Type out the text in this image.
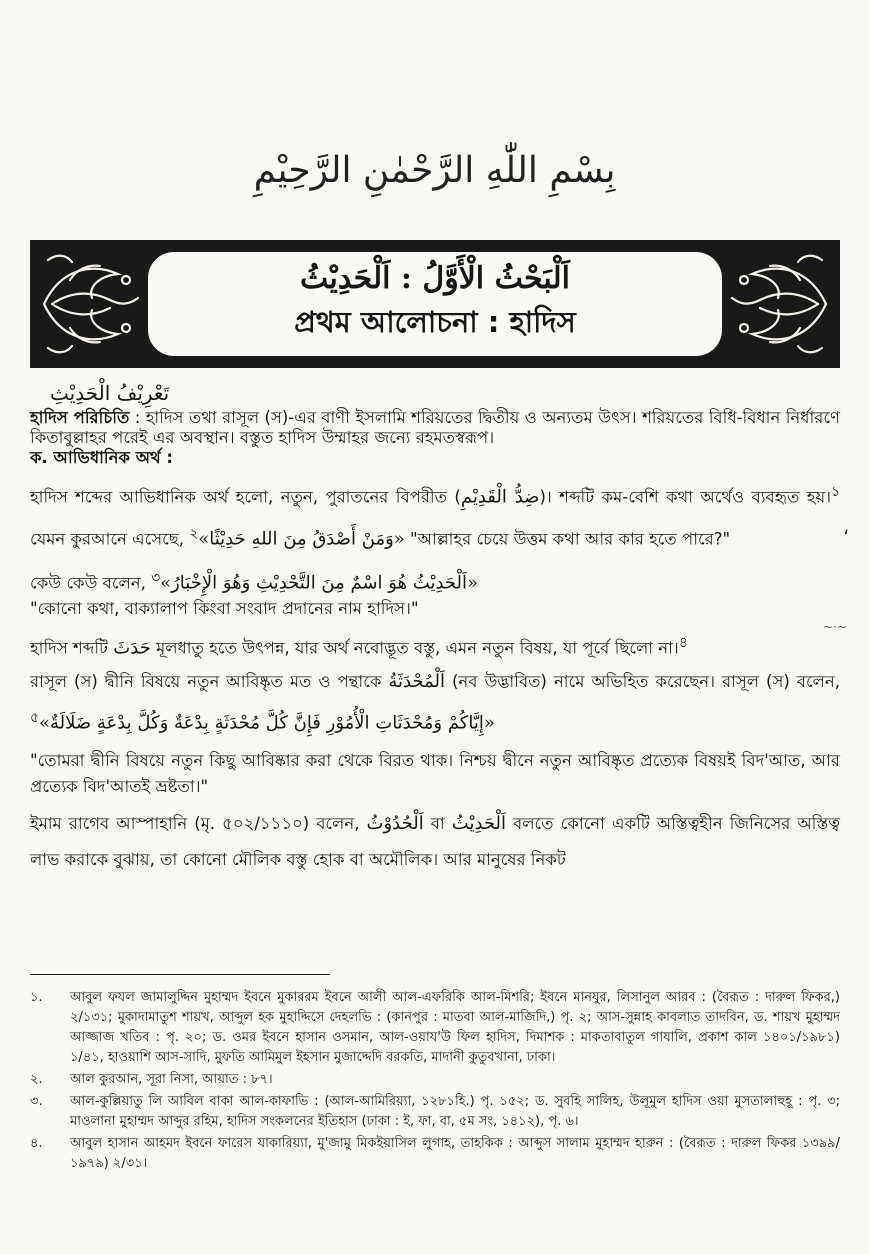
بِسْمِ اللّٰهِ الرَّحْمٰنِ الرَّحِيْمِ
اَلْبَحْثُ الْأَوَّلُ : اَلْحَدِيْثُ
প্রথম আলোচনা : হাদিস
تَعْرِيْفُ الْحَدِيْثِ

হাদিস পরিচিতি : হাদিস তথা রাসূল (স)-এর বাণী ইসলামি শরিয়তের দ্বিতীয় ও অন্যতম উৎস। শরিয়তের বিধি-বিধান নির্ধারণে কিতাবুল্লাহর পরেই এর অবস্থান। বস্তুত হাদিস উম্মাহর জন্যে রহমতস্বরূপ।

ক. আভিধানিক অর্থ :

হাদিস শব্দের আভিধানিক অর্থ হলো, নতুন, পুরাতনের বিপরীত (ضِدُّ الْقَدِيْمِ)। শব্দটি কম-বেশি কথা অর্থেও ব্যবহৃত হয়।$^১$ যেমন কুরআনে এসেছে, $^২$«وَمَنْ أَصْدَقُ مِنَ اللهِ حَدِيْثًا» "আল্লাহর চেয়ে উত্তম কথা আর কার হতে পারে?"

কেউ কেউ বলেন, $^৩$«اَلْحَدِيْثُ هُوَ اسْمٌ مِنَ التَّحْدِيْثِ وَهُوَ الْإِخْبَارُ»

"কোনো কথা, বাক্যালাপ কিংবা সংবাদ প্রদানের নাম হাদিস।"

হাদিস শব্দটি حَدَثَ মূলধাতু হতে উৎপন্ন, যার অর্থ নবোদ্ভূত বস্তু, এমন নতুন বিষয়, যা পূর্বে ছিলো না।$^৪$

রাসূল (স) দ্বীনি বিষয়ে নতুন আবিষ্কৃত মত ও পন্থাকে اَلْمُحْدَثَةُ (নব উদ্ভাবিত) নামে অভিহিত করেছেন। রাসূল (স) বলেন, $^৫$«إِيَّاكُمْ وَمُحْدَثَاتِ الْأُمُوْرِ فَإِنَّ كُلَّ مُحْدَثَةٍ بِدْعَةٌ وَكُلَّ بِدْعَةٍ ضَلَالَةٌ»

"তোমরা দ্বীনি বিষয়ে নতুন কিছু আবিষ্কার করা থেকে বিরত থাক। নিশ্চয় দ্বীনে নতুন আবিষ্কৃত প্রত্যেক বিষয়ই বিদ'আত, আর প্রত্যেক বিদ'আতই ভ্রষ্টতা।"

ইমাম রাগেব আস্পাহানি (মৃ. ৫০২/১১১০) বলেন, اَلْحُدُوْثُ বা اَلْحَدِيْثُ বলতে কোনো একটি অস্তিত্বহীন জিনিসের অস্তিত্ব লাভ করাকে বুঝায়, তা কোনো মৌলিক বস্তু হোক বা অমৌলিক। আর মানুষের নিকট

،
~·~
১.	আবুল ফযল জামালুদ্দিন মুহাম্মদ ইবনে মুকাররম ইবনে আলী আল-এফরিকি আল-মিশরি; ইবনে মানযুর, লিসানুল আরব : (বৈরূত : দারুল ফিকর,) ২/১৩১; মুকাদামাতুশ শায়খ, আব্দুল হক মুহাদ্দিসে দেহলভি : (কানপুর : মাতবা আল-মাজিদি,) পৃ. ২; আস-সুন্নাহ কাবলাত তাদবিন, ড. শায়খ মুহাম্মদ আজ্জাজ খতিব : পৃ. ২০; ড. ওমর ইবনে হাসান ওসমান, আল-ওয়ায'উ ফিল হাদিস, দিমাশক : মাকতাবাতুল গাযালি, প্রকাশ কাল ১৪০১/১৯৮১) ১/৪১, হাওয়াশি আস-সাদি, মুফতি আমিমুল ইহসান মুজাদ্দেদি বরকতি, মাদানী কুতুবখানা, ঢাকা।
২.	আল কুরআন, সূরা নিসা, আয়াত : ৮৭।
৩.	আল-কুল্লিয়াতু লি আবিল বাকা আল-কাফাভি : (আল-আমিরিয়্যা, ১২৮১হি.) পৃ. ১৫২; ড. সুবহি সালিহ, উলূমুল হাদিস ওয়া মুসতালাহুহূ : পৃ. ৩; মাওলানা মুহাম্মদ আব্দুর রহিম, হাদিস সংকলনের ইতিহাস (ঢাকা : ই, ফা, বা, ৫ম সং, ১৪১২), পৃ. ৬।
৪.	আবুল হাসান আহমদ ইবনে ফারেস যাকারিয়্যা, মু'জামু মিকইয়াসিল লুগাহ, তাহকিক : আব্দুস সালাম মুহাম্মদ হারুন : (বৈরূত : দারুল ফিকর ১৩৯৯/ ১৯৭৯) ২/৩১।
